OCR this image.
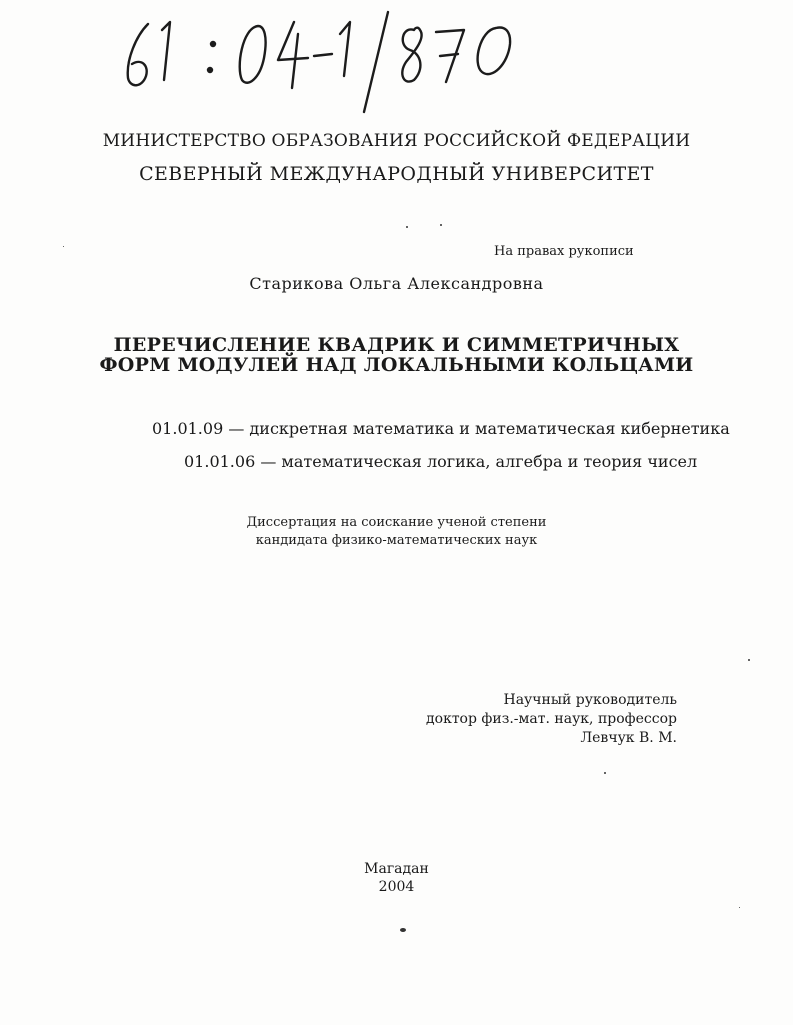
МИНИСТЕРСТВО ОБРАЗОВАНИЯ РОССИЙСКОЙ ФЕДЕРАЦИИ
СЕВЕРНЫЙ МЕЖДУНАРОДНЫЙ УНИВЕРСИТЕТ
На правах рукописи
Старикова Ольга Александровна
ПЕРЕЧИСЛЕНИЕ КВАДРИК И СИММЕТРИЧНЫХ
ФОРМ МОДУЛЕЙ НАД ЛОКАЛЬНЫМИ КОЛЬЦАМИ
01.01.09 — дискретная математика и математическая кибернетика
01.01.06 — математическая логика, алгебра и теория чисел
Диссертация на соискание ученой степени
кандидата физико-математических наук
Научный руководитель
доктор физ.-мат. наук, профессор
Левчук В. М.
Магадан
2004
